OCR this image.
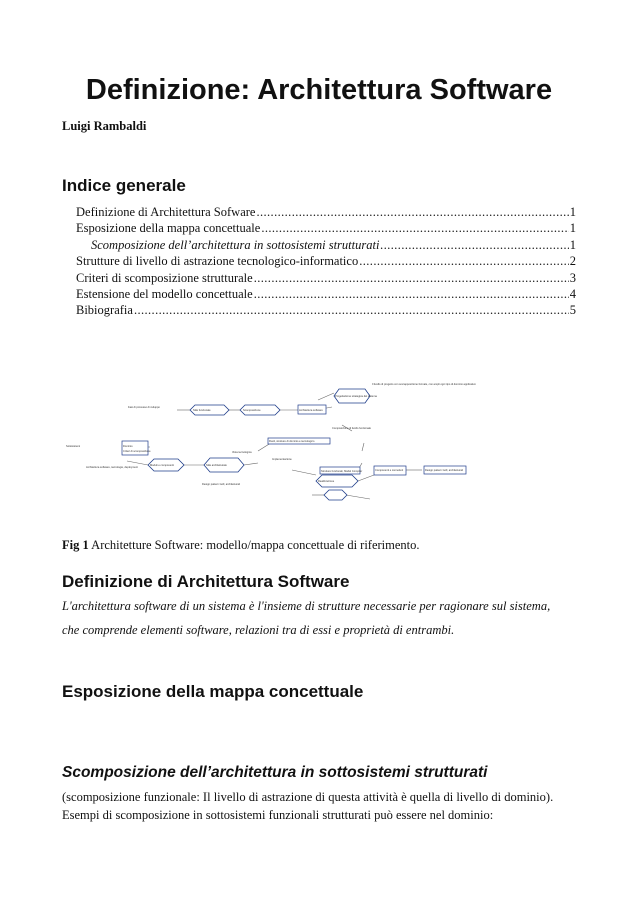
Definizione: Architettura Software
Luigi Rambaldi
Indice generale
Definizione di Architettura Sofware .....	1
Esposizione della mappa concettuale .....	1
Scomposizione dell’architettura in sottosistemi strutturati .....	1
Strutture di livello di astrazione tecnologico-informatico .....	2
Criteri di scomposizione strutturale .....	3
Estensione del modello concettuale .....	4
Bibiografia .....	5
Il livello di progetto con sovrapposizione formale, con ampli ogni tipo di dominio applicativo
Progettazione strategica del sistema
Fasi di processo di sviluppo
Stile funzionale	Scomposizione	Architettura software
Composizione di livello funzionale
Ruoli, strutture di dominio e tecnologico
Sottosistemi	Dominio
Criteri di scomposizione
Architettura software, tecnologie, deployment
Moduli e componenti	Stile architetturale
Vista tecnologica
Implementazione
Realizzazione
Strutture funzionali, Model Compiler	Componenti e connettori	Design pattern GoF, architetturali
Design pattern GoF, architetturali
Fig 1 Architetture Software: modello/mappa concettuale di riferimento.
Definizione di Architettura Software
L'architettura software di un sistema è l'insieme di strutture necessarie per ragionare sul sistema,
che comprende elementi software, relazioni tra di essi e proprietà di entrambi.
Esposizione della mappa concettuale
Scomposizione dell’architettura in sottosistemi strutturati

(scomposizione funzionale: Il livello di astrazione di questa attività è quella di livello di dominio).

Esempi di scomposizione in sottosistemi funzionali strutturati può essere nel dominio:
